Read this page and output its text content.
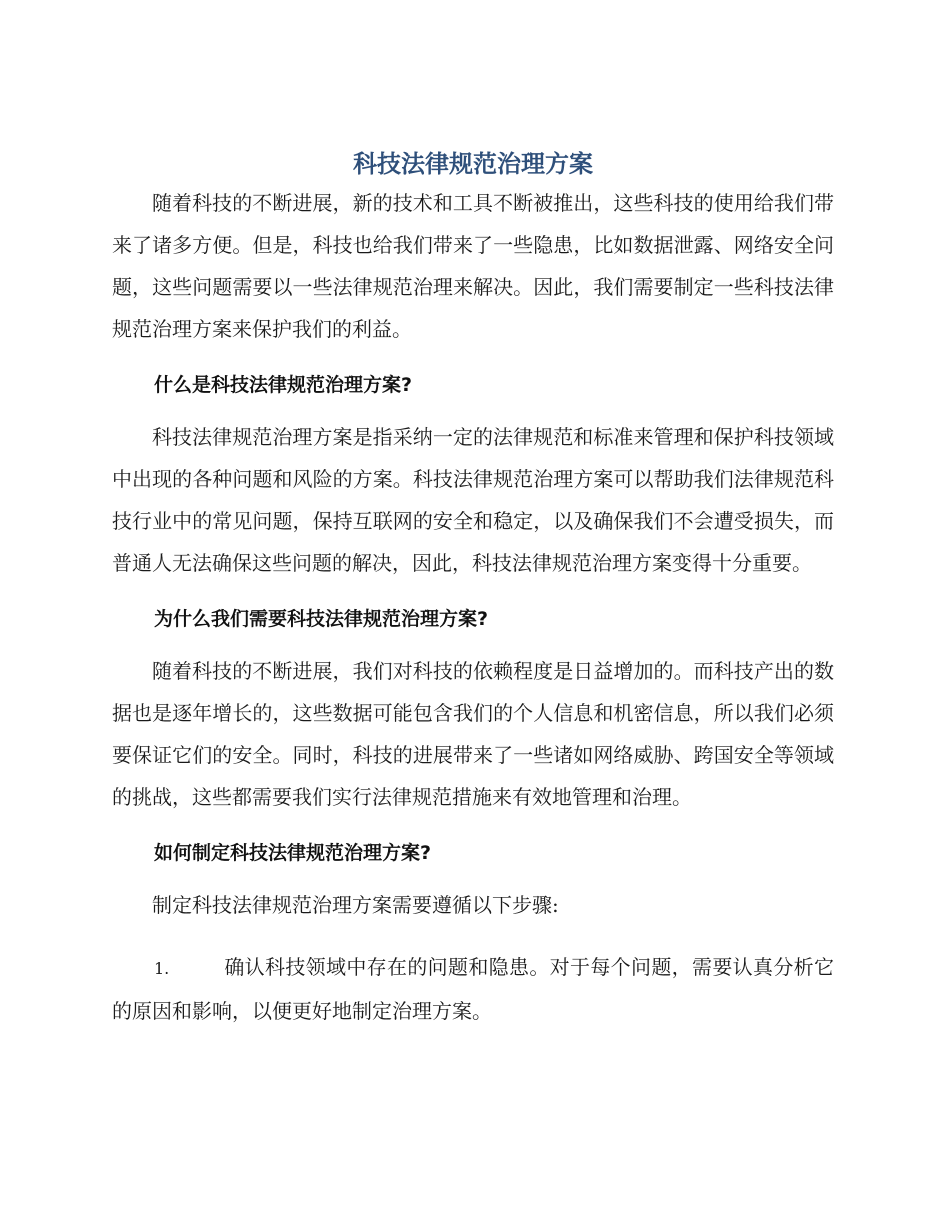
科技法律规范治理方案

随着科技的不断进展，新的技术和工具不断被推出，这些科技的使用给我们带来了诸多方便。但是，科技也给我们带来了一些隐患，比如数据泄露、网络安全问题，这些问题需要以一些法律规范治理来解决。因此，我们需要制定一些科技法律规范治理方案来保护我们的利益。

什么是科技法律规范治理方案?

科技法律规范治理方案是指采纳一定的法律规范和标准来管理和保护科技领域中出现的各种问题和风险的方案。科技法律规范治理方案可以帮助我们法律规范科技行业中的常见问题，保持互联网的安全和稳定，以及确保我们不会遭受损失，而普通人无法确保这些问题的解决，因此，科技法律规范治理方案变得十分重要。

为什么我们需要科技法律规范治理方案?

随着科技的不断进展，我们对科技的依赖程度是日益增加的。而科技产出的数据也是逐年增长的，这些数据可能包含我们的个人信息和机密信息，所以我们必须要保证它们的安全。同时，科技的进展带来了一些诸如网络威胁、跨国安全等领域的挑战，这些都需要我们实行法律规范措施来有效地管理和治理。

如何制定科技法律规范治理方案?

制定科技法律规范治理方案需要遵循以下步骤:

1.	确认科技领域中存在的问题和隐患。对于每个问题，需要认真分析它的原因和影响，以便更好地制定治理方案。
